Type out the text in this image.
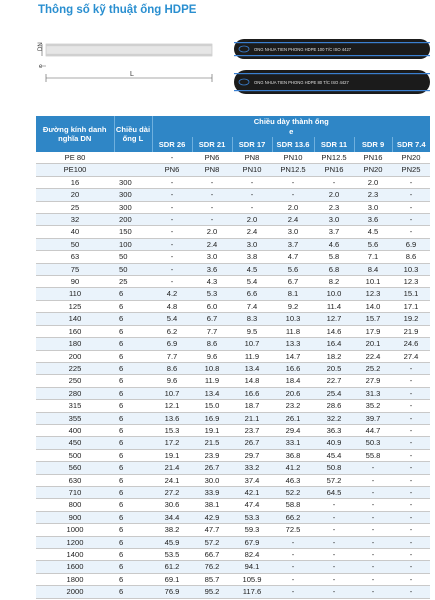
Thông số kỹ thuật ống HDPE
DN
e
L
ONG NHUA TIEN PHONG HDPE 100 T/C ISO 4427
ONG NHUA TIEN PHONG HDPE 80 T/C ISO 4427
Đường kính danh nghĩa DN	Chiều dài ống L	Chiều dày thành ống
e						

		SDR 26	SDR 21	SDR 17	SDR 13.6	SDR 11	SDR 9	SDR 7.4
PE 80		-	PN6	PN8	PN10	PN12.5	PN16	PN20
PE100		PN6	PN8	PN10	PN12.5	PN16	PN20	PN25
16	300	-	-	-	-	-	2.0	-
20	300	-	-	-	-	2.0	2.3	-
25	300	-	-	-	2.0	2.3	3.0	-
32	200	-	-	2.0	2.4	3.0	3.6	-
40	150	-	2.0	2.4	3.0	3.7	4.5	-
50	100	-	2.4	3.0	3.7	4.6	5.6	6.9
63	50	-	3.0	3.8	4.7	5.8	7.1	8.6
75	50	-	3.6	4.5	5.6	6.8	8.4	10.3
90	25	-	4.3	5.4	6.7	8.2	10.1	12.3
110	6	4.2	5.3	6.6	8.1	10.0	12.3	15.1
125	6	4.8	6.0	7.4	9.2	11.4	14.0	17.1
140	6	5.4	6.7	8.3	10.3	12.7	15.7	19.2
160	6	6.2	7.7	9.5	11.8	14.6	17.9	21.9
180	6	6.9	8.6	10.7	13.3	16.4	20.1	24.6
200	6	7.7	9.6	11.9	14.7	18.2	22.4	27.4
225	6	8.6	10.8	13.4	16.6	20.5	25.2	-
250	6	9.6	11.9	14.8	18.4	22.7	27.9	-
280	6	10.7	13.4	16.6	20.6	25.4	31.3	-
315	6	12.1	15.0	18.7	23.2	28.6	35.2	-
355	6	13.6	16.9	21.1	26.1	32.2	39.7	-
400	6	15.3	19.1	23.7	29.4	36.3	44.7	-
450	6	17.2	21.5	26.7	33.1	40.9	50.3	-
500	6	19.1	23.9	29.7	36.8	45.4	55.8	-
560	6	21.4	26.7	33.2	41.2	50.8	-	-
630	6	24.1	30.0	37.4	46.3	57.2	-	-
710	6	27.2	33.9	42.1	52.2	64.5	-	-
800	6	30.6	38.1	47.4	58.8	-	-	-
900	6	34.4	42.9	53.3	66.2	-	-	-
1000	6	38.2	47.7	59.3	72.5	-	-	-
1200	6	45.9	57.2	67.9	-	-	-	-
1400	6	53.5	66.7	82.4	-	-	-	-
1600	6	61.2	76.2	94.1	-	-	-	-
1800	6	69.1	85.7	105.9	-	-	-	-
2000	6	76.9	95.2	117.6	-	-	-	-
